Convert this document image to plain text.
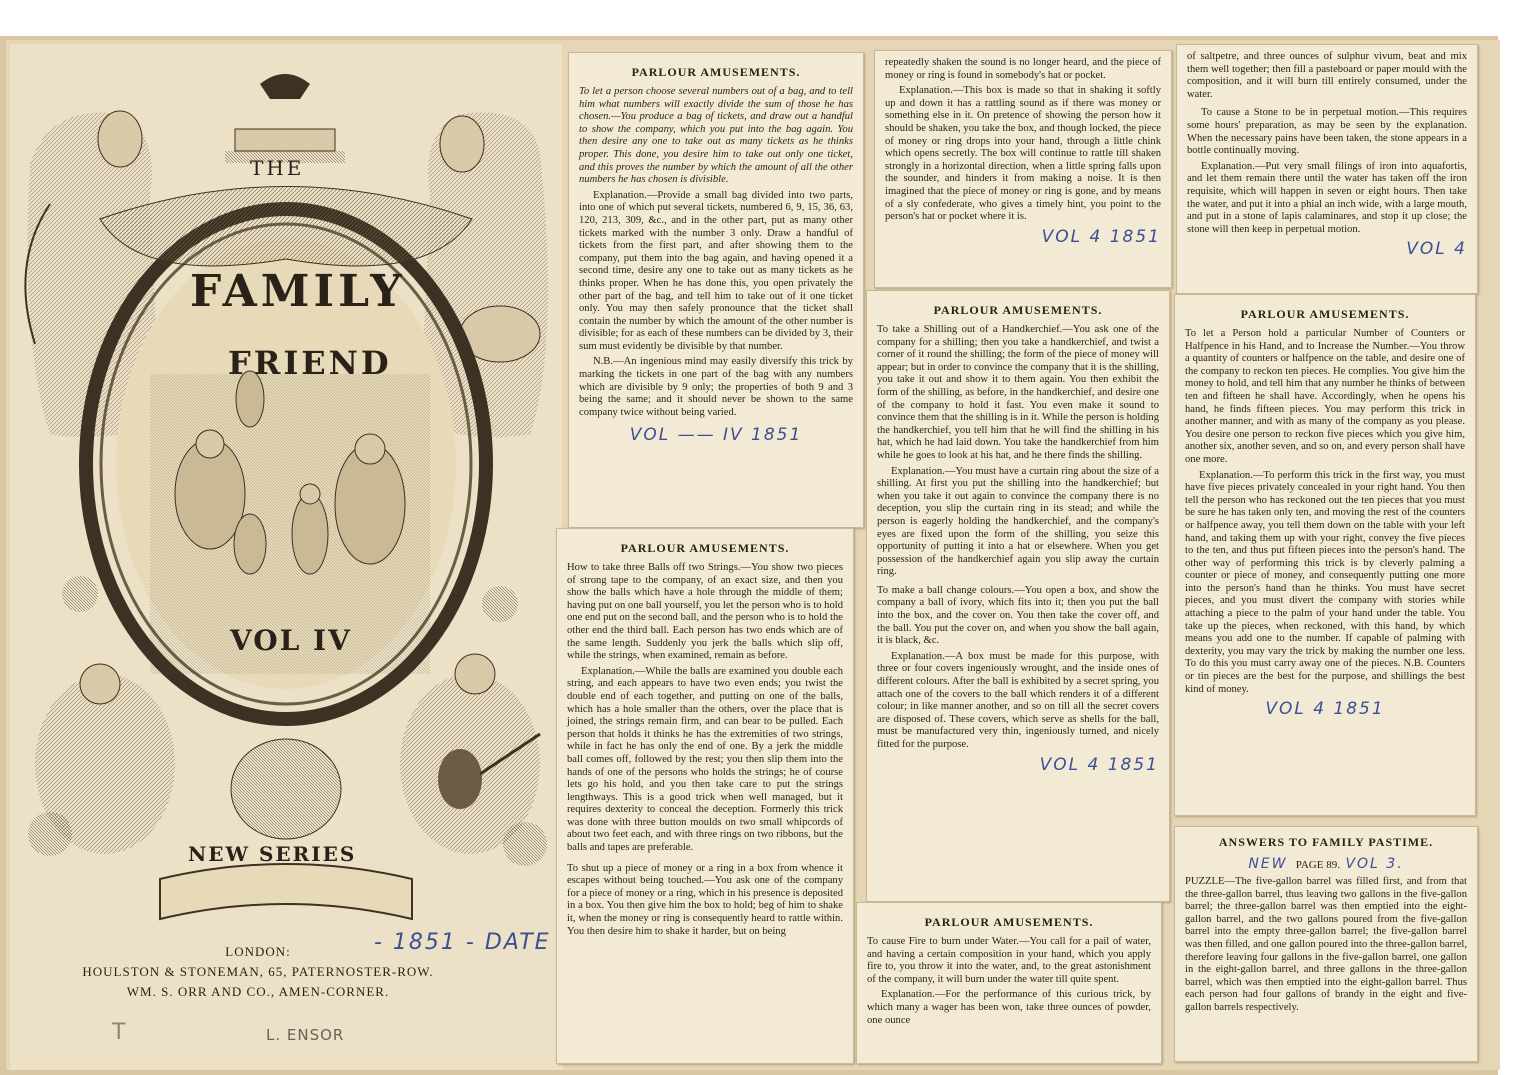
THE
FAMILY
FRIEND
VOL IV
NEW SERIES
LONDON:
HOULSTON & STONEMAN, 65, PATERNOSTER-ROW.
WM. S. ORR AND CO., AMEN-CORNER.
- 1851 - DATE
L. ENSOR
T
PARLOUR AMUSEMENTS.

To let a person choose several numbers out of a bag, and to tell him what numbers will exactly divide the sum of those he has chosen.—You produce a bag of tickets, and draw out a handful to show the company, which you put into the bag again. You then desire any one to take out as many tickets as he thinks proper. This done, you desire him to take out only one ticket, and this proves the number by which the amount of all the other numbers he has chosen is divisible.

Explanation.—Provide a small bag divided into two parts, into one of which put several tickets, numbered 6, 9, 15, 36, 63, 120, 213, 309, &c., and in the other part, put as many other tickets marked with the number 3 only. Draw a handful of tickets from the first part, and after showing them to the company, put them into the bag again, and having opened it a second time, desire any one to take out as many tickets as he thinks proper. When he has done this, you open privately the other part of the bag, and tell him to take out of it one ticket only. You may then safely pronounce that the ticket shall contain the number by which the amount of the other number is divisible; for as each of these numbers can be divided by 3, their sum must evidently be divisible by that number.

N.B.—An ingenious mind may easily diversify this trick by marking the tickets in one part of the bag with any numbers which are divisible by 9 only; the properties of both 9 and 3 being the same; and it should never be shown to the same company twice without being varied.

VOL —— IV 1851
PARLOUR AMUSEMENTS.

How to take three Balls off two Strings.—You show two pieces of strong tape to the company, of an exact size, and then you show the balls which have a hole through the middle of them; having put on one ball yourself, you let the person who is to hold one end put on the second ball, and the person who is to hold the other end the third ball. Each person has two ends which are of the same length. Suddenly you jerk the balls which slip off, while the strings, when examined, remain as before.

Explanation.—While the balls are examined you double each string, and each appears to have two even ends; you twist the double end of each together, and putting on one of the balls, which has a hole smaller than the others, over the place that is joined, the strings remain firm, and can bear to be pulled. Each person that holds it thinks he has the extremities of two strings, while in fact he has only the end of one. By a jerk the middle ball comes off, followed by the rest; you then slip them into the hands of one of the persons who holds the strings; he of course lets go his hold, and you then take care to put the strings lengthways. This is a good trick when well managed, but it requires dexterity to conceal the deception. Formerly this trick was done with three button moulds on two small whipcords of about two feet each, and with three rings on two ribbons, but the balls and tapes are preferable.

To shut up a piece of money or a ring in a box from whence it escapes without being touched.—You ask one of the company for a piece of money or a ring, which in his presence is deposited in a box. You then give him the box to hold; beg of him to shake it, when the money or ring is consequently heard to rattle within. You then desire him to shake it harder, but on being

repeatedly shaken the sound is no longer heard, and the piece of money or ring is found in somebody's hat or pocket.

Explanation.—This box is made so that in shaking it softly up and down it has a rattling sound as if there was money or something else in it. On pretence of showing the person how it should be shaken, you take the box, and though locked, the piece of money or ring drops into your hand, through a little chink which opens secretly. The box will continue to rattle till shaken strongly in a horizontal direction, when a little spring falls upon the sounder, and hinders it from making a noise. It is then imagined that the piece of money or ring is gone, and by means of a sly confederate, who gives a timely hint, you point to the person's hat or pocket where it is.

VOL 4 1851
PARLOUR AMUSEMENTS.

To take a Shilling out of a Handkerchief.—You ask one of the company for a shilling; then you take a handkerchief, and twist a corner of it round the shilling; the form of the piece of money will appear; but in order to convince the company that it is the shilling, you take it out and show it to them again. You then exhibit the form of the shilling, as before, in the handkerchief, and desire one of the company to hold it fast. You even make it sound to convince them that the shilling is in it. While the person is holding the handkerchief, you tell him that he will find the shilling in his hat, which he had laid down. You take the handkerchief from him while he goes to look at his hat, and he there finds the shilling.

Explanation.—You must have a curtain ring about the size of a shilling. At first you put the shilling into the handkerchief; but when you take it out again to convince the company there is no deception, you slip the curtain ring in its stead; and while the person is eagerly holding the handkerchief, and the company's eyes are fixed upon the form of the shilling, you seize this opportunity of putting it into a hat or elsewhere. When you get possession of the handkerchief again you slip away the curtain ring.

To make a ball change colours.—You open a box, and show the company a ball of ivory, which fits into it; then you put the ball into the box, and the cover on. You then take the cover off, and the ball. You put the cover on, and when you show the ball again, it is black, &c.

Explanation.—A box must be made for this purpose, with three or four covers ingeniously wrought, and the inside ones of different colours. After the ball is exhibited by a secret spring, you attach one of the covers to the ball which renders it of a different colour; in like manner another, and so on till all the secret covers are disposed of. These covers, which serve as shells for the ball, must be manufactured very thin, ingeniously turned, and nicely fitted for the purpose.

VOL 4 1851
PARLOUR AMUSEMENTS.

To cause Fire to burn under Water.—You call for a pail of water, and having a certain composition in your hand, which you apply fire to, you throw it into the water, and, to the great astonishment of the company, it will burn under the water till quite spent.

Explanation.—For the performance of this curious trick, by which many a wager has been won, take three ounces of powder, one ounce

of saltpetre, and three ounces of sulphur vivum, beat and mix them well together; then fill a pasteboard or paper mould with the composition, and it will burn till entirely consumed, under the water.

To cause a Stone to be in perpetual motion.—This requires some hours' preparation, as may be seen by the explanation. When the necessary pains have been taken, the stone appears in a bottle continually moving.

Explanation.—Put very small filings of iron into aquafortis, and let them remain there until the water has taken off the iron requisite, which will happen in seven or eight hours. Then take the water, and put it into a phial an inch wide, with a large mouth, and put in a stone of lapis calaminares, and stop it up close; the stone will then keep in perpetual motion.

VOL 4
PARLOUR AMUSEMENTS.

To let a Person hold a particular Number of Counters or Halfpence in his Hand, and to Increase the Number.—You throw a quantity of counters or halfpence on the table, and desire one of the company to reckon ten pieces. He complies. You give him the money to hold, and tell him that any number he thinks of between ten and fifteen he shall have. Accordingly, when he opens his hand, he finds fifteen pieces. You may perform this trick in another manner, and with as many of the company as you please. You desire one person to reckon five pieces which you give him, another six, another seven, and so on, and every person shall have one more.

Explanation.—To perform this trick in the first way, you must have five pieces privately concealed in your right hand. You then tell the person who has reckoned out the ten pieces that you must be sure he has taken only ten, and moving the rest of the counters or halfpence away, you tell them down on the table with your left hand, and taking them up with your right, convey the five pieces to the ten, and thus put fifteen pieces into the person's hand. The other way of performing this trick is by cleverly palming a counter or piece of money, and consequently putting one more into the person's hand than he thinks. You must have secret pieces, and you must divert the company with stories while attaching a piece to the palm of your hand under the table. You take up the pieces, when reckoned, with this hand, by which means you add one to the number. If capable of palming with dexterity, you may vary the trick by making the number one less. To do this you must carry away one of the pieces. N.B. Counters or tin pieces are the best for the purpose, and shillings the best kind of money.

VOL 4 1851
ANSWERS TO FAMILY PASTIME.
NEW PAGE 89. VOL 3.

PUZZLE—The five-gallon barrel was filled first, and from that the three-gallon barrel, thus leaving two gallons in the five-gallon barrel; the three-gallon barrel was then emptied into the eight-gallon barrel, and the two gallons poured from the five-gallon barrel into the empty three-gallon barrel; the five-gallon barrel was then filled, and one gallon poured into the three-gallon barrel, therefore leaving four gallons in the five-gallon barrel, one gallon in the eight-gallon barrel, and three gallons in the three-gallon barrel, which was then emptied into the eight-gallon barrel. Thus each person had four gallons of brandy in the eight and five-gallon barrels respectively.
